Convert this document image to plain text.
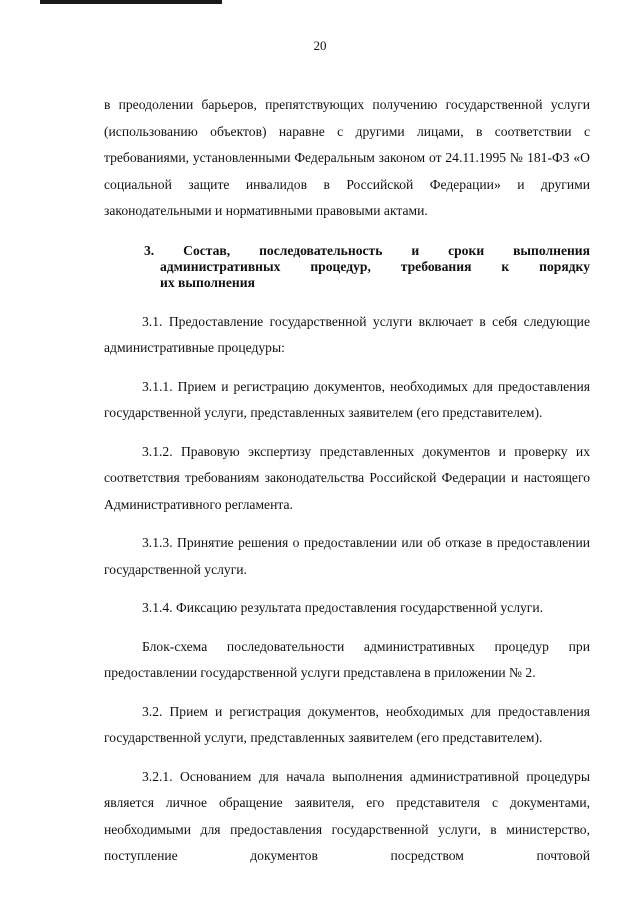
20

в преодолении барьеров, препятствующих получению государственной услуги (использованию объектов) наравне с другими лицами, в соответствии с требованиями, установленными Федеральным законом от 24.11.1995 № 181-ФЗ «О социальной защите инвалидов в Российской Федерации» и другими законодательными и нормативными правовыми актами.

3. Состав, последовательность и сроки выполнения
административных процедур, требования к порядку
их выполнения

3.1. Предоставление государственной услуги включает в себя следующие административные процедуры:

3.1.1. Прием и регистрацию документов, необходимых для предоставления государственной услуги, представленных заявителем (его представителем).

3.1.2. Правовую экспертизу представленных документов и проверку их соответствия требованиям законодательства Российской Федерации и настоящего Административного регламента.

3.1.3. Принятие решения о предоставлении или об отказе в предоставлении государственной услуги.

3.1.4. Фиксацию результата предоставления государственной услуги.

Блок-схема последовательности административных процедур при предоставлении государственной услуги представлена в приложении № 2.

3.2. Прием и регистрация документов, необходимых для предоставления государственной услуги, представленных заявителем (его представителем).

3.2.1. Основанием для начала выполнения административной процедуры является личное обращение заявителя, его представителя с документами, необходимыми для предоставления государственной услуги, в министерство, поступление документов посредством почтовой
